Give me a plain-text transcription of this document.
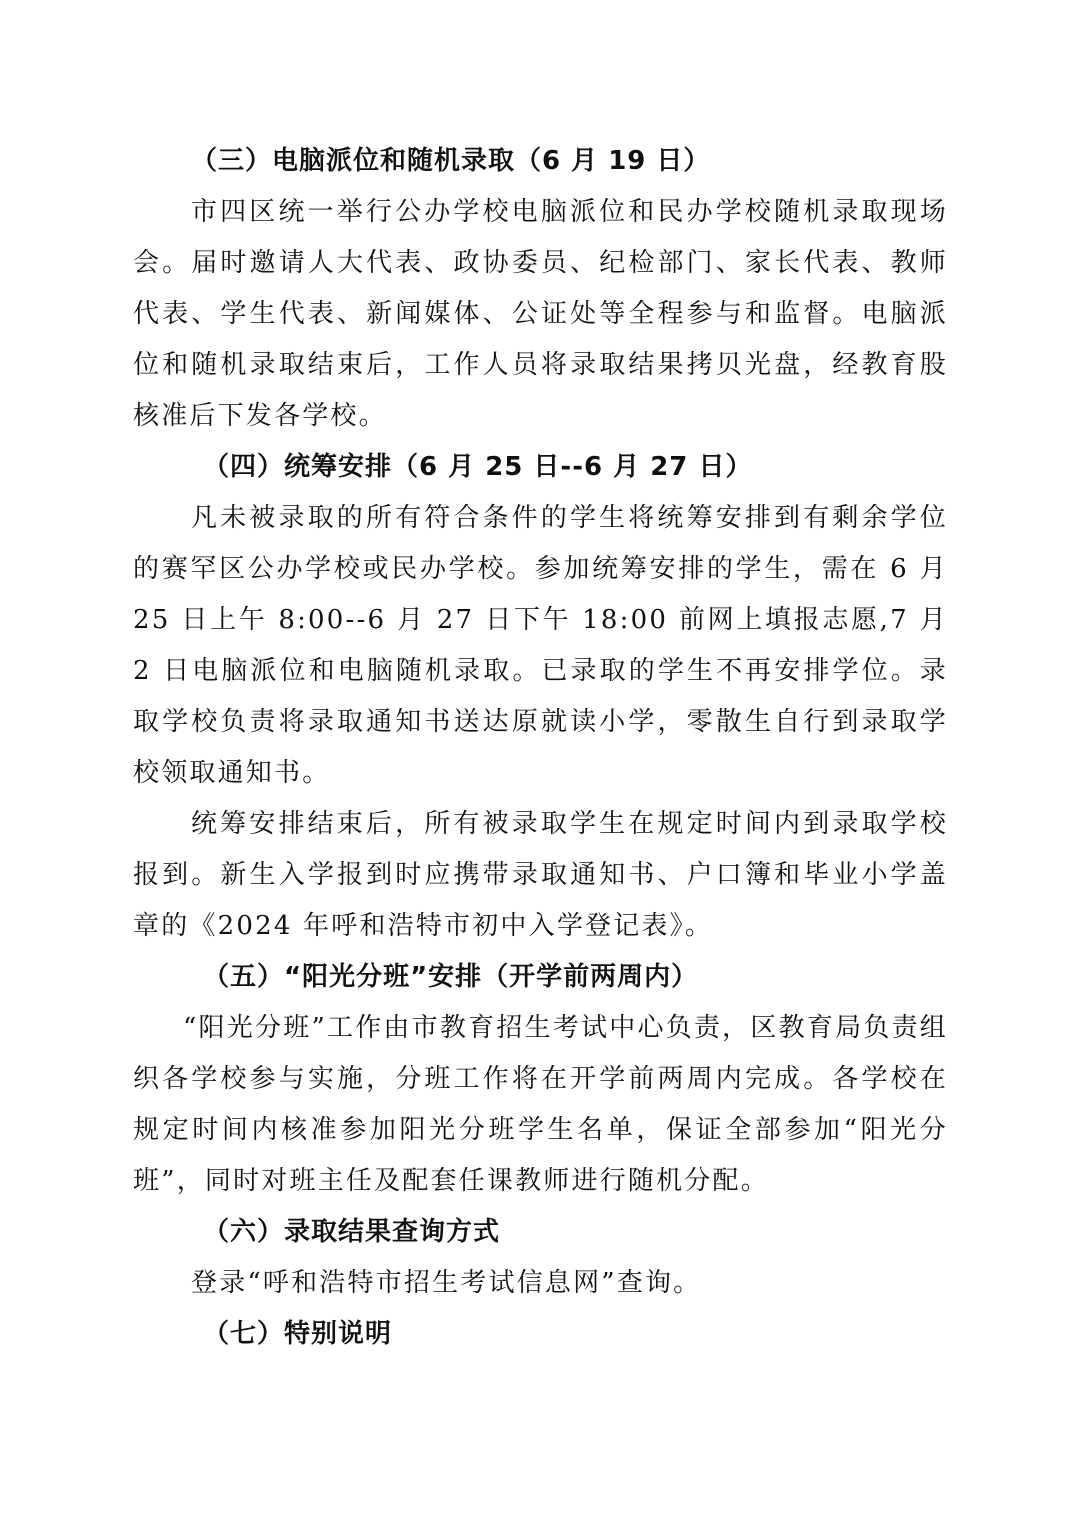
（三）电脑派位和随机录取（6 月 19 日）

市四区统一举行公办学校电脑派位和民办学校随机录取现场会。届时邀请人大代表、政协委员、纪检部门、家长代表、教师代表、学生代表、新闻媒体、公证处等全程参与和监督。电脑派位和随机录取结束后，工作人员将录取结果拷贝光盘，经教育股核准后下发各学校。

（四）统筹安排（6 月 25 日--6 月 27 日）

凡未被录取的所有符合条件的学生将统筹安排到有剩余学位的赛罕区公办学校或民办学校。参加统筹安排的学生，需在 6 月 25 日上午 8:00--6 月 27 日下午 18:00 前网上填报志愿,7 月 2 日电脑派位和电脑随机录取。已录取的学生不再安排学位。录取学校负责将录取通知书送达原就读小学，零散生自行到录取学校领取通知书。

统筹安排结束后，所有被录取学生在规定时间内到录取学校报到。新生入学报到时应携带录取通知书、户口簿和毕业小学盖章的《2024 年呼和浩特市初中入学登记表》。

（五）“阳光分班”安排（开学前两周内）

“阳光分班”工作由市教育招生考试中心负责，区教育局负责组织各学校参与实施，分班工作将在开学前两周内完成。各学校在规定时间内核准参加阳光分班学生名单，保证全部参加“阳光分班”，同时对班主任及配套任课教师进行随机分配。

（六）录取结果查询方式

登录“呼和浩特市招生考试信息网”查询。

（七）特别说明
